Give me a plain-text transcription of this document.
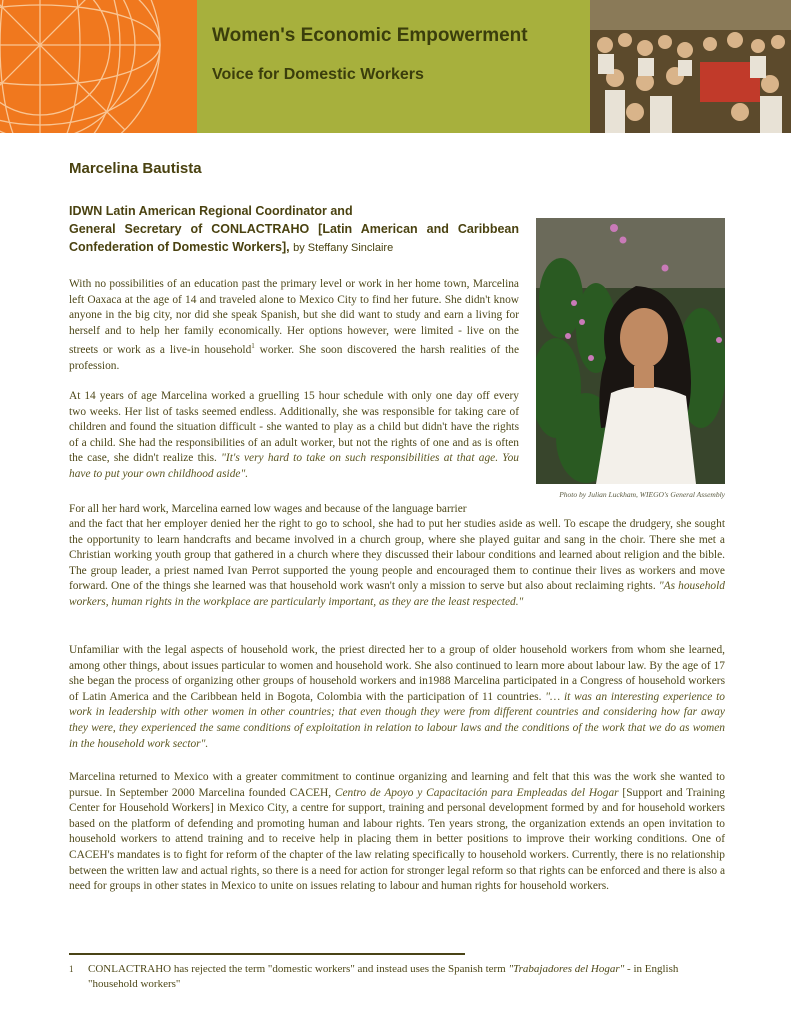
Women's Economic Empowerment
Voice for Domestic Workers
Marcelina Bautista
IDWN Latin American Regional Coordinator and
General Secretary of CONLACTRAHO [Latin American and Caribbean Confederation of Domestic Workers], by Steffany Sinclaire
Photo by Julian Luckham, WIEGO's General Assembly

With no possibilities of an education past the primary level or work in her home town, Marcelina left Oaxaca at the age of 14 and traveled alone to Mexico City to find her future. She didn't know anyone in the big city, nor did she speak Spanish, but she did want to study and earn a living for herself and to help her family economically. Her options however, were limited - live on the streets or work as a live-in household$^1$ worker. She soon discovered the harsh realities of the profession.

At 14 years of age Marcelina worked a gruelling 15 hour schedule with only one day off every two weeks. Her list of tasks seemed endless. Additionally, she was responsible for taking care of children and found the situation difficult - she wanted to play as a child but didn't have the rights of a child. She had the responsibilities of an adult worker, but not the rights of one and as is often the case, she didn't realize this. "It's very hard to take on such responsibilities at that age. You have to put your own childhood aside".

For all her hard work, Marcelina earned low wages and because of the language barrier

and the fact that her employer denied her the right to go to school, she had to put her studies aside as well. To escape the drudgery, she sought the opportunity to learn handcrafts and became involved in a church group, where she played guitar and sang in the choir. There she met a Christian working youth group that gathered in a church where they discussed their labour conditions and learned about religion and the bible. The group leader, a priest named Ivan Perrot supported the young people and encouraged them to continue their lives as workers and move forward. One of the things she learned was that household work wasn't only a mission to serve but also about reclaiming rights. "As household workers, human rights in the workplace are particularly important, as they are the least respected."

Unfamiliar with the legal aspects of household work, the priest directed her to a group of older household workers from whom she learned, among other things, about issues particular to women and household work. She also continued to learn more about labour law. By the age of 17 she began the process of organizing other groups of household workers and in1988 Marcelina participated in a Congress of household workers of Latin America and the Caribbean held in Bogota, Colombia with the participation of 11 countries. "… it was an interesting experience to work in leadership with other women in other countries; that even though they were from different countries and considering how far away they were, they experienced the same conditions of exploitation in relation to labour laws and the conditions of the work that we do as women in the household work sector".

Marcelina returned to Mexico with a greater commitment to continue organizing and learning and felt that this was the work she wanted to pursue. In September 2000 Marcelina founded CACEH, Centro de Apoyo y Capacitación para Empleadas del Hogar [Support and Training Center for Household Workers] in Mexico City, a centre for support, training and personal development formed by and for household workers based on the platform of defending and promoting human and labour rights. Ten years strong, the organization extends an open invitation to household workers to attend training and to receive help in placing them in better positions to improve their working conditions. One of CACEH's mandates is to fight for reform of the chapter of the law relating specifically to household workers. Currently, there is no relationship between the written law and actual rights, so there is a need for action for stronger legal reform so that rights can be enforced and there is also a need for groups in other states in Mexico to unite on issues relating to labour and human rights for household workers.

1 CONLACTRAHO has rejected the term "domestic workers" and instead uses the Spanish term "Trabajadores del Hogar" - in English "household workers"
